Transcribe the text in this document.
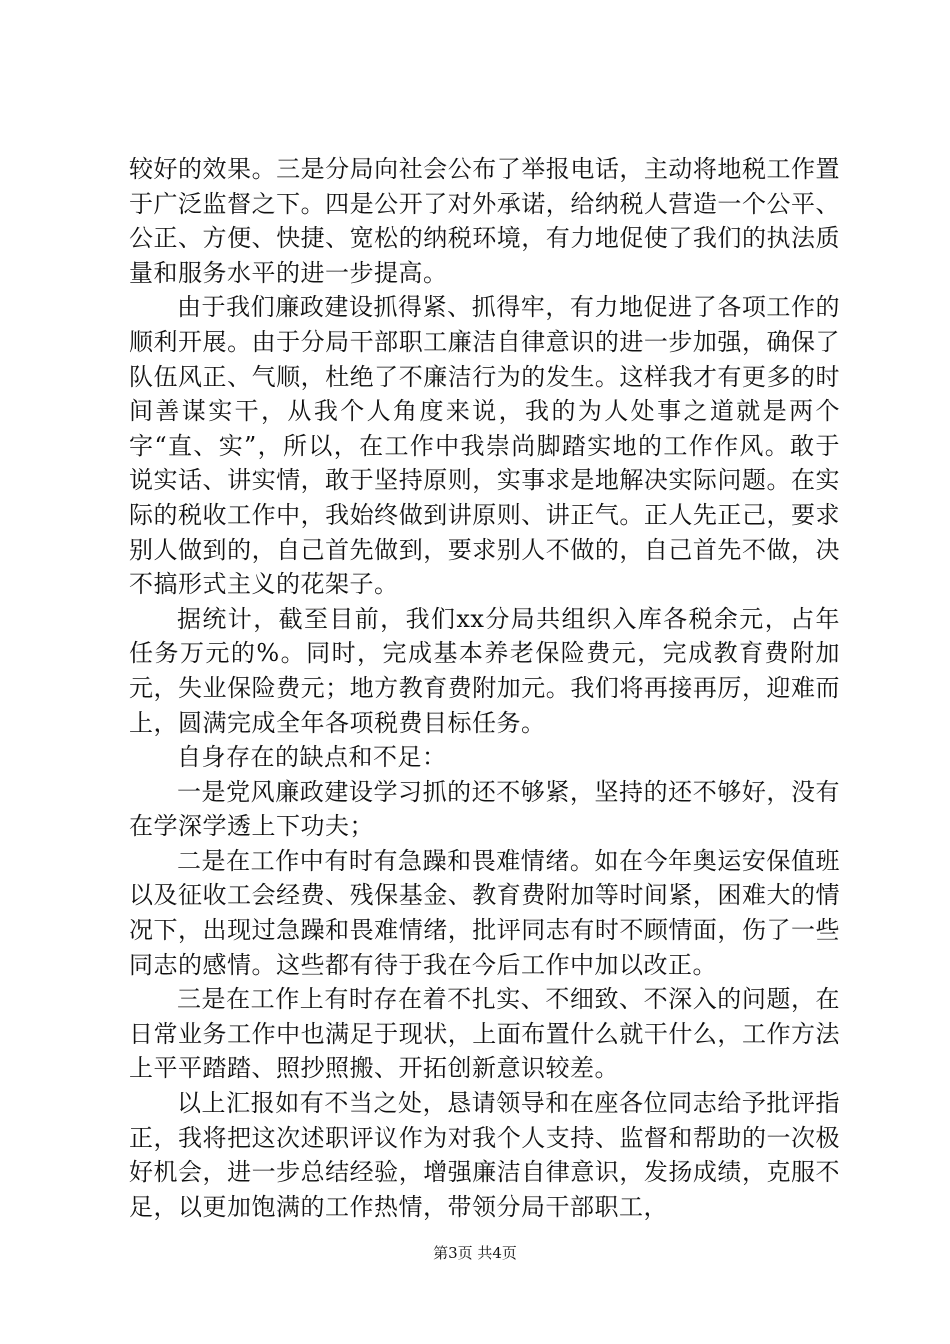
较好的效果。三是分局向社会公布了举报电话，主动将地税工作置于广泛监督之下。四是公开了对外承诺，给纳税人营造一个公平、公正、方便、快捷、宽松的纳税环境，有力地促使了我们的执法质量和服务水平的进一步提高。

由于我们廉政建设抓得紧、抓得牢，有力地促进了各项工作的顺利开展。由于分局干部职工廉洁自律意识的进一步加强，确保了队伍风正、气顺，杜绝了不廉洁行为的发生。这样我才有更多的时间善谋实干，从我个人角度来说，我的为人处事之道就是两个字“直、实”，所以，在工作中我崇尚脚踏实地的工作作风。敢于说实话、讲实情，敢于坚持原则，实事求是地解决实际问题。在实际的税收工作中，我始终做到讲原则、讲正气。正人先正己，要求别人做到的，自己首先做到，要求别人不做的，自己首先不做，决不搞形式主义的花架子。

据统计，截至目前，我们xx分局共组织入库各税余元，占年任务万元的%。同时，完成基本养老保险费元，完成教育费附加元，失业保险费元；地方教育费附加元。我们将再接再厉，迎难而上，圆满完成全年各项税费目标任务。

自身存在的缺点和不足：

一是党风廉政建设学习抓的还不够紧，坚持的还不够好，没有在学深学透上下功夫；

二是在工作中有时有急躁和畏难情绪。如在今年奥运安保值班以及征收工会经费、残保基金、教育费附加等时间紧，困难大的情况下，出现过急躁和畏难情绪，批评同志有时不顾情面，伤了一些同志的感情。这些都有待于我在今后工作中加以改正。

三是在工作上有时存在着不扎实、不细致、不深入的问题，在日常业务工作中也满足于现状，上面布置什么就干什么，工作方法上平平踏踏、照抄照搬、开拓创新意识较差。

以上汇报如有不当之处，恳请领导和在座各位同志给予批评指正，我将把这次述职评议作为对我个人支持、监督和帮助的一次极好机会，进一步总结经验，增强廉洁自律意识，发扬成绩，克服不足，以更加饱满的工作热情，带领分局干部职工，

第3页 共4页
